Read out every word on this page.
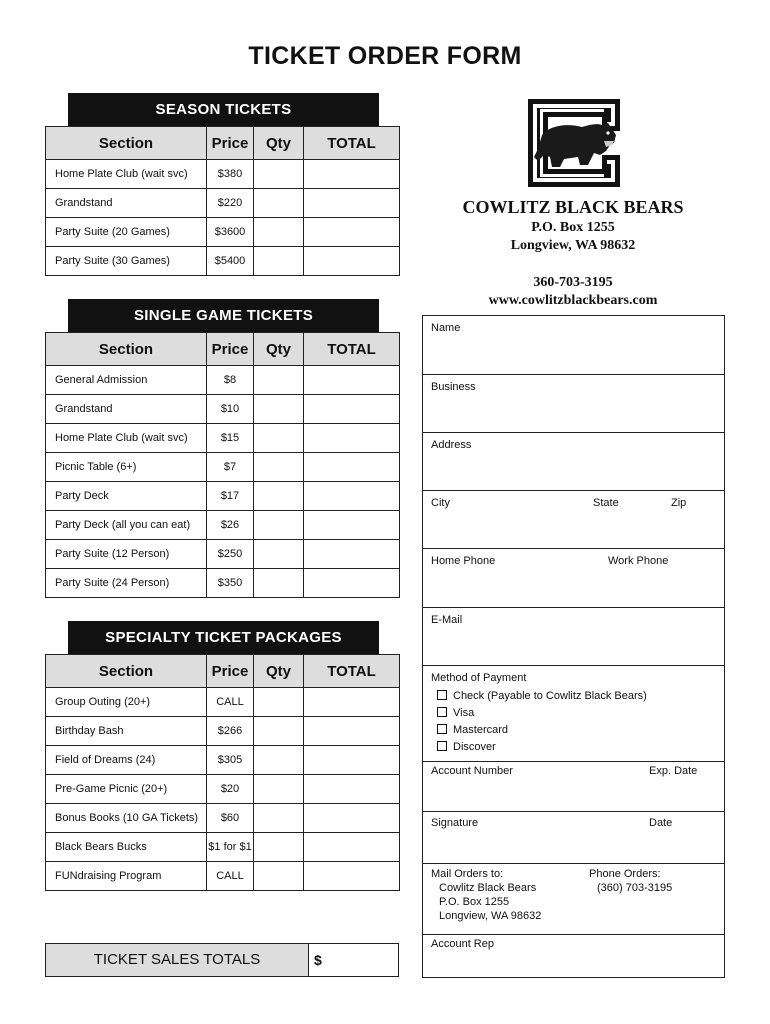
TICKET ORDER FORM
SEASON TICKETS
Section	Price	Qty	TOTAL
Home Plate Club (wait svc)	$380		
Grandstand	$220		
Party Suite (20 Games)	$3600		
Party Suite (30 Games)	$5400		
SINGLE GAME TICKETS
Section	Price	Qty	TOTAL
General Admission	$8		
Grandstand	$10		
Home Plate Club (wait svc)	$15		
Picnic Table (6+)	$7		
Party Deck	$17		
Party Deck (all you can eat)	$26		
Party Suite (12 Person)	$250		
Party Suite (24 Person)	$350		
SPECIALTY TICKET PACKAGES
Section	Price	Qty	TOTAL
Group Outing (20+)	CALL		
Birthday Bash	$266		
Field of Dreams (24)	$305		
Pre-Game Picnic (20+)	$20		
Bonus Books (10 GA Tickets)	$60		
Black Bears Bucks	$1 for $1		
FUNdraising Program	CALL		
TICKET SALES TOTALS	$
COWLITZ BLACK BEARS
P.O. Box 1255
Longview, WA 98632
360-703-3195
www.cowlitzblackbears.com
Name
Business
Address
City	State	Zip
Home Phone	Work Phone
E-Mail
Method of Payment
Check (Payable to Cowlitz Black Bears)
Visa
Mastercard
Discover
Account Number	Exp. Date
Signature	Date
Mail Orders to:
Cowlitz Black Bears
P.O. Box 1255
Longview, WA 98632
Phone Orders:
(360) 703-3195
Account Rep
